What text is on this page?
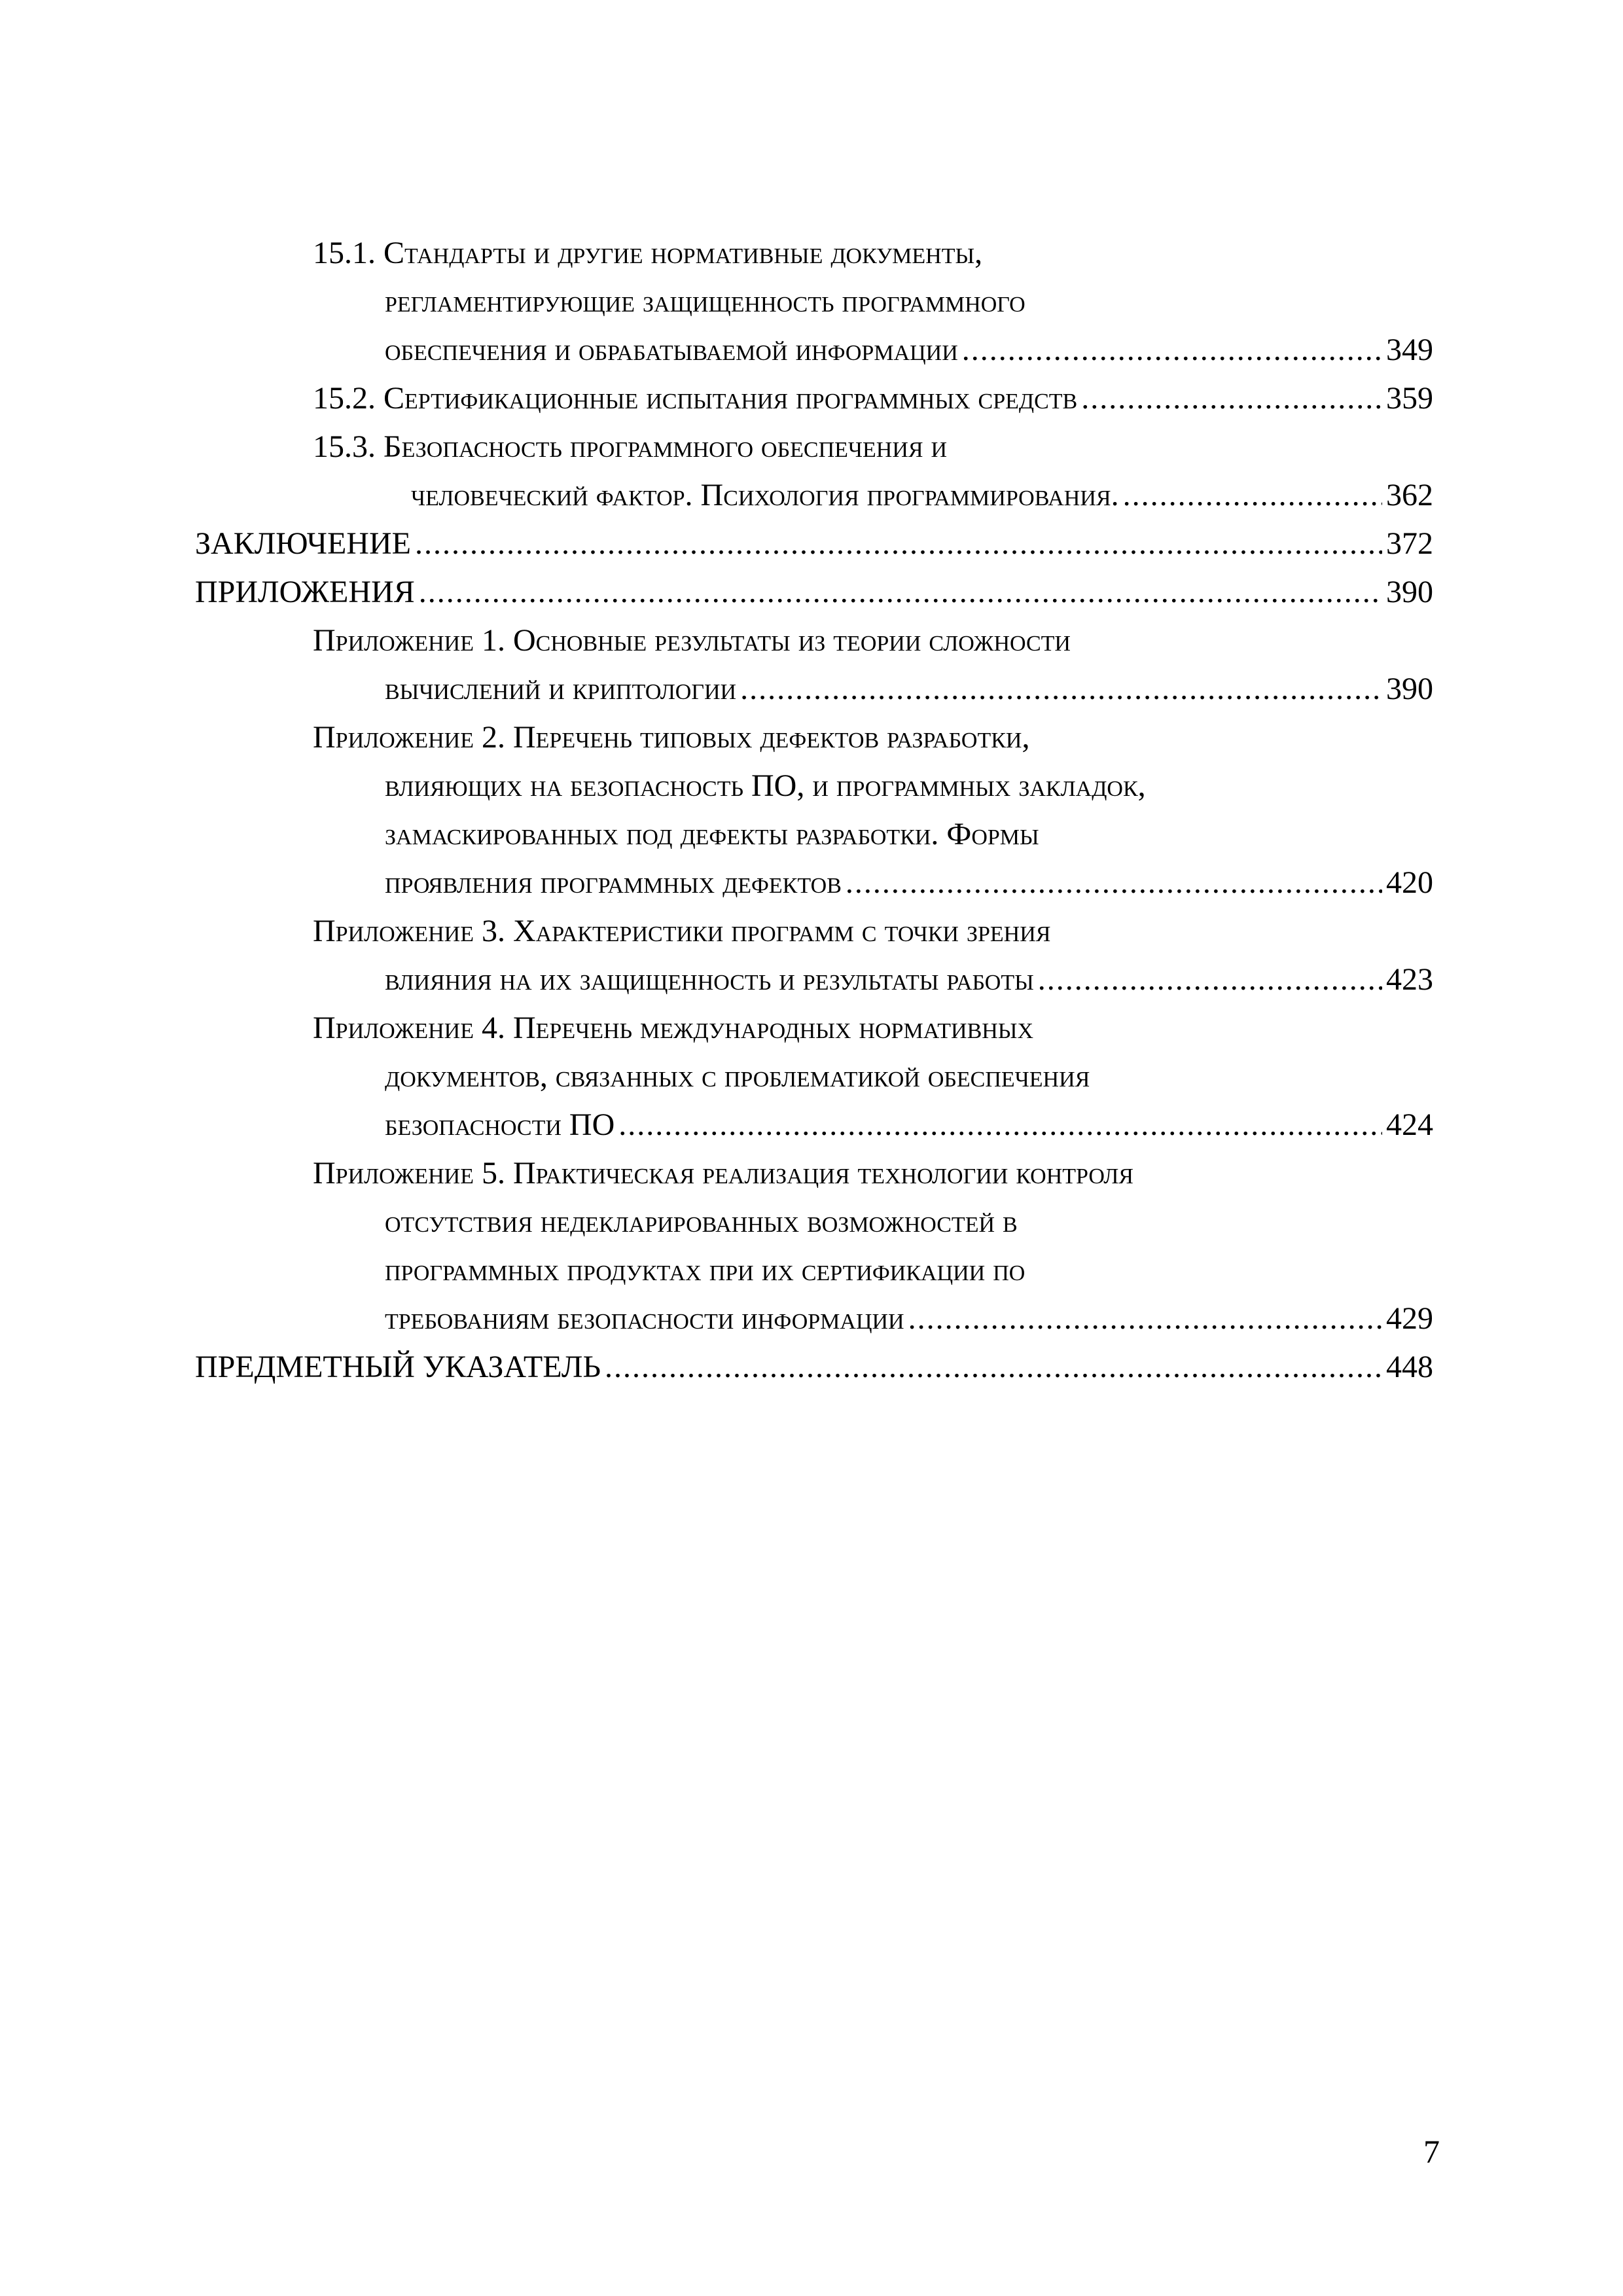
15.1. Стандарты и другие нормативные документы,
регламентирующие защищенность программного
обеспечения и обрабатываемой информации .....	349
15.2. Сертификационные испытания программных средств .....	359
15.3. Безопасность программного обеспечения и
человеческий фактор. Психология программирования. .....	362
ЗАКЛЮЧЕНИЕ .....	372
ПРИЛОЖЕНИЯ .....	390
Приложение 1. Основные результаты из теории сложности
вычислений и криптологии .....	390
Приложение 2. Перечень типовых дефектов разработки,
влияющих на безопасность ПО, и программных закладок,
замаскированных под дефекты разработки. Формы
проявления программных дефектов .....	420
Приложение 3. Характеристики программ с точки зрения
влияния на их защищенность и результаты работы .....	423
Приложение 4. Перечень международных нормативных
документов, связанных с проблематикой обеспечения
безопасности ПО .....	424
Приложение 5. Практическая реализация технологии контроля
отсутствия недекларированных возможностей в
программных продуктах при их сертификации по
требованиям безопасности информации .....	429
ПРЕДМЕТНЫЙ УКАЗАТЕЛЬ .....	448
7
